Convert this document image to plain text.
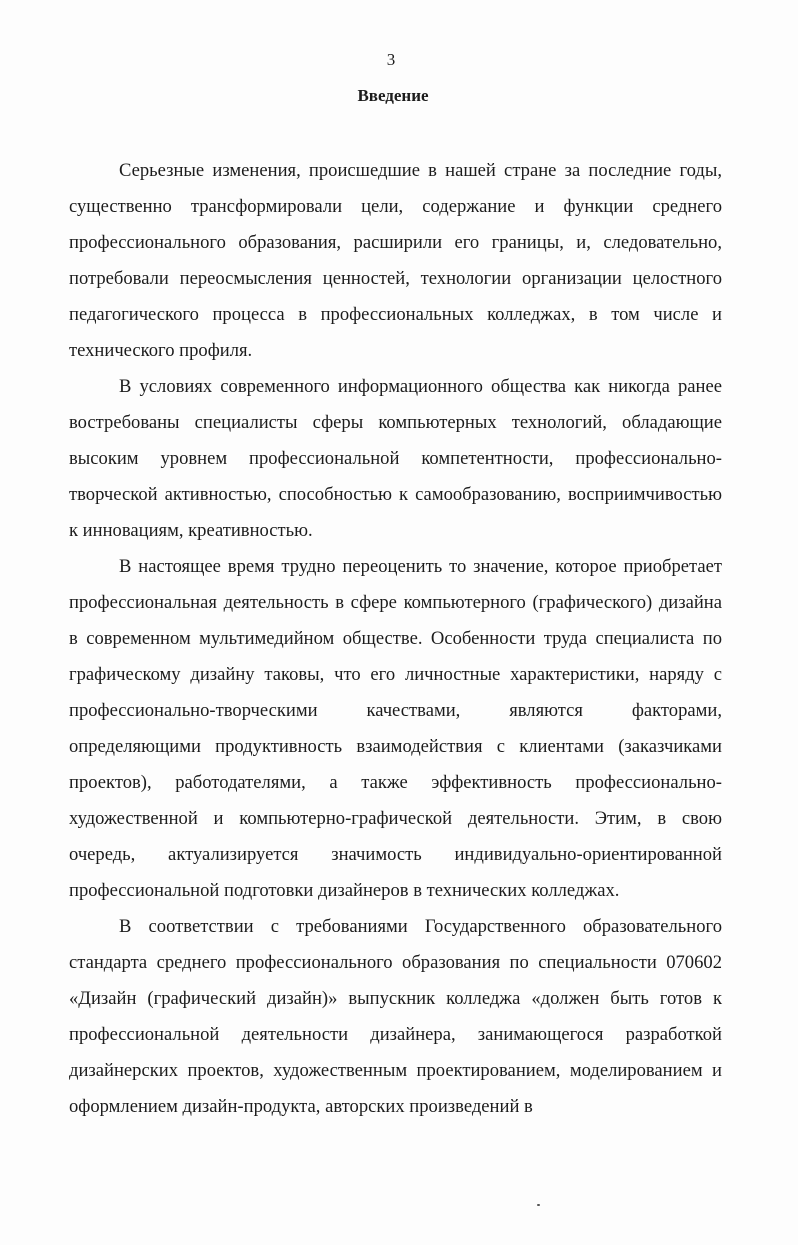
3
Введение

Серьезные изменения, происшедшие в нашей стране за последние годы, существенно трансформировали цели, содержание и функции среднего профессионального образования, расширили его границы, и, следовательно, потребовали переосмысления ценностей, технологии организации целостного педагогического процесса в профессиональных колледжах, в том числе и технического профиля.

В условиях современного информационного общества как никогда ранее востребованы специалисты сферы компьютерных технологий, обладающие высоким уровнем профессиональной компетентности, профессионально-творческой активностью, способностью к самообразованию, восприимчивостью к инновациям, креативностью.

В настоящее время трудно переоценить то значение, которое приобретает профессиональная деятельность в сфере компьютерного (графического) дизайна в современном мультимедийном обществе. Особенности труда специалиста по графическому дизайну таковы, что его личностные характеристики, наряду с профессионально-творческими качествами, являются факторами, определяющими продуктивность взаимодействия с клиентами (заказчиками проектов), работодателями, а также эффективность профессионально-художественной и компьютерно-графической деятельности. Этим, в свою очередь, актуализируется значимость индивидуально-ориентированной профессиональной подготовки дизайнеров в технических колледжах.

В соответствии с требованиями Государственного образовательного стандарта среднего профессионального образования по специальности 070602 «Дизайн (графический дизайн)» выпускник колледжа «должен быть готов к профессиональной деятельности дизайнера, занимающегося разработкой дизайнерских проектов, художественным проектированием, моделированием и оформлением дизайн-продукта, авторских произведений в
